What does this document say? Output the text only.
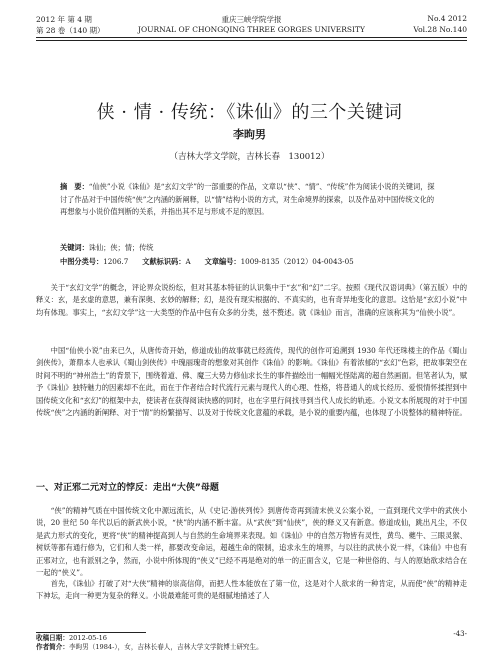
2012 年 第 4 期	重庆三峡学院学报	No.4 2012
第 28 卷（140 期）	JOURNAL OF CHONGQING THREE GORGES UNIVERSITY	Vol.28 No.140
侠 · 情 · 传统：《诛仙》的三个关键词
李昫男
（吉林大学文学院，吉林长春　130012）
摘　要：“仙侠”小说《诛仙》是“玄幻文学”的一部重要的作品，文章以“侠”、“情”、“传统”作为阅读小说的关键词，探讨了作品对于中国传统“侠”之内涵的新阐释，以“情”结构小说的方式，对生命境界的探索，以及作品对中国传统文化的再想象与小说价值判断的关系，并指出其不足与形成不足的原因。
关键词：诛仙；侠；情；传统
中图分类号：1206.7 文献标识码：A 文章编号：1009-8135（2012）04-0043-05
关于“玄幻文学”的概念，评论界众说纷纭，但对其基本特征的认识集中于“玄”和“幻”二字。按照《现代汉语词典》（第五版）中的释义：玄，是玄虚的意思，兼有深奥、玄妙的解释；幻，是没有现实根据的、不真实的，也有奇异地变化的意思。这恰是“玄幻小说”中均有体现。事实上，“玄幻文学”这一大类型的作品中包有众多的分类，兹不赘述。就《诛仙》而言，准确的应该称其为“仙侠小说”。
中国“仙侠小说”由来已久，从唐传奇开始，修道成仙的故事就已经流传，现代的创作可追溯到 1930 年代还珠楼主的作品《蜀山剑侠传》，萧鼎本人也承认《蜀山剑侠传》中瑰丽瑰奇的想象对其创作《诛仙》的影响。《诛仙》有着浓郁的“玄幻”色彩，把故事架空在时间不明的“神州浩土”的背景下，围绕着道、佛、魔三大势力修仙求长生的事件描绘出一幅幅光怪陆离的超自然画面。但笔者认为，赋予《诛仙》独特魅力的因素却不在此，而在于作者结合时代流行元素与现代人的心理、性格，将普通人的成长经历、爱恨情怀揉捏到中国传统文化和“玄幻”的框架中去，使读者在获得阅读快感的同时，也在字里行间找寻到当代人成长的轨迹。小说文本所展现的对于中国传统“侠”之内涵的新阐释、对于“情”的纷繁描写、以及对于传统文化意蕴的承载，是小说的重要内蕴，也体现了小说整体的精神特征。
一、对正邪二元对立的悖反：走出“大侠”母题
“侠”的精神气质在中国传统文化中源远流长，从《史记·游侠列传》到唐传奇再到清末侠义公案小说，一直到现代文学中的武侠小说，20 世纪 50 年代以后的新武侠小说，“侠”的内涵不断丰富。从“武侠”到“仙侠”，侠的释义又有新意。修道成仙，跳出凡尘，不仅是武力形式的变化，更将“侠”的精神提高到人与自然的生命境界来表现。如《诛仙》中的自然万物皆有灵性，黄鸟、夔牛、三眼灵猴、树妖等都有通行修为，它们和人类一样，都要改变命运，超越生命的限制，追求永生的境界，与以往的武侠小说一样，《诛仙》中也有正邪对立，也有派别之争，然而，小说中所体现的“侠义”已经不再是绝对的单一的正面含义，它是一种世俗的、与人的原始欲求结合在一起的“侠义”。
首先，《诛仙》打破了对“大侠”精神的崇高信仰，而把人性本能放在了第一位，这是对个人欲求的一种肯定，从而使“侠”的精神走下神坛，走向一种更为复杂的释义。小说最难能可贵的是细腻地描述了人
收稿日期：2012-05-16
作者简介：李昫男（1984-），女，吉林长春人，吉林大学文学院博士研究生。
-43-
